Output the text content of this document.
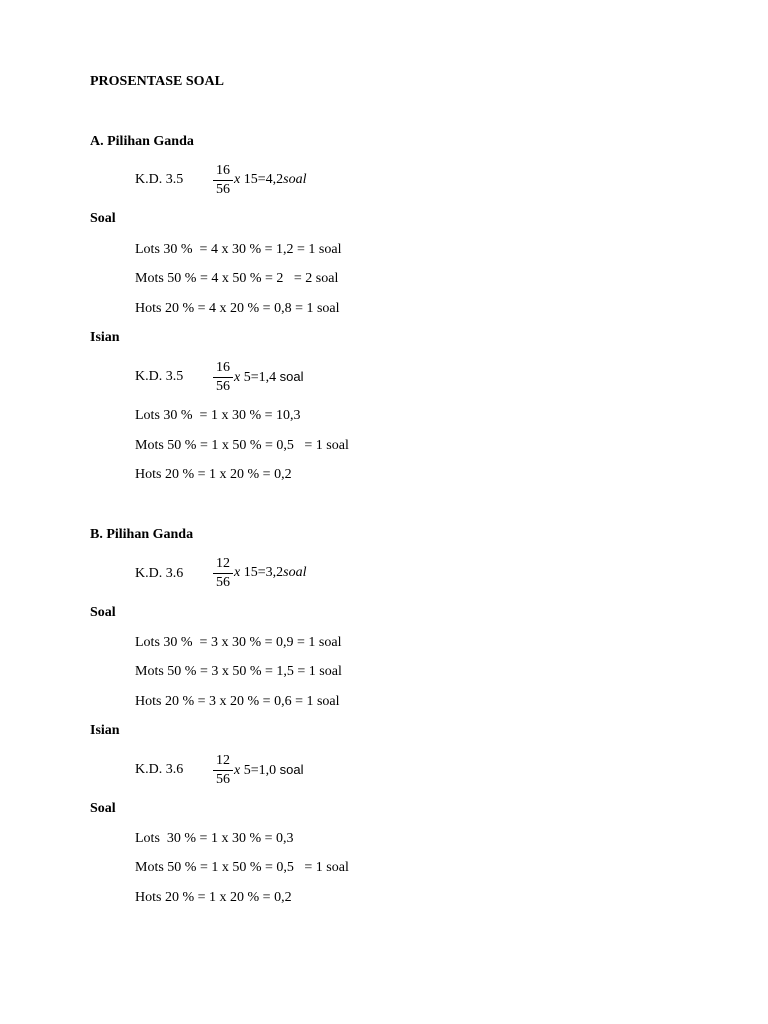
PROSENTASE SOAL
A. Pilihan Ganda
K.D. $3.5 \frac{16}{56}$ x 15=4,2soal
Soal
Lots 30 %  = 4 x 30 % = 1,2 = 1 soal
Mots 50 % = 4 x 50 % = 2   = 2 soal
Hots 20 % = 4 x 20 % = 0,8 = 1 soal
Isian
K.D. $3.5 \frac{16}{56}$ x 5=1,4 soal
Lots 30 %  = 1 x 30 % = 10,3
Mots 50 % = 1 x 50 % = 0,5   = 1 soal
Hots 20 % = 1 x 20 % = 0,2
B. Pilihan Ganda
K.D. $3.6 \frac{12}{56}$ x 15=3,2soal
Soal
Lots 30 %  = 3 x 30 % = 0,9 = 1 soal
Mots 50 % = 3 x 50 % = 1,5 = 1 soal
Hots 20 % = 3 x 20 % = 0,6 = 1 soal
Isian
K.D. $3.6 \frac{12}{56}$ x 5=1,0 soal
Soal
Lots  30 % = 1 x 30 % = 0,3
Mots 50 % = 1 x 50 % = 0,5   = 1 soal
Hots 20 % = 1 x 20 % = 0,2
